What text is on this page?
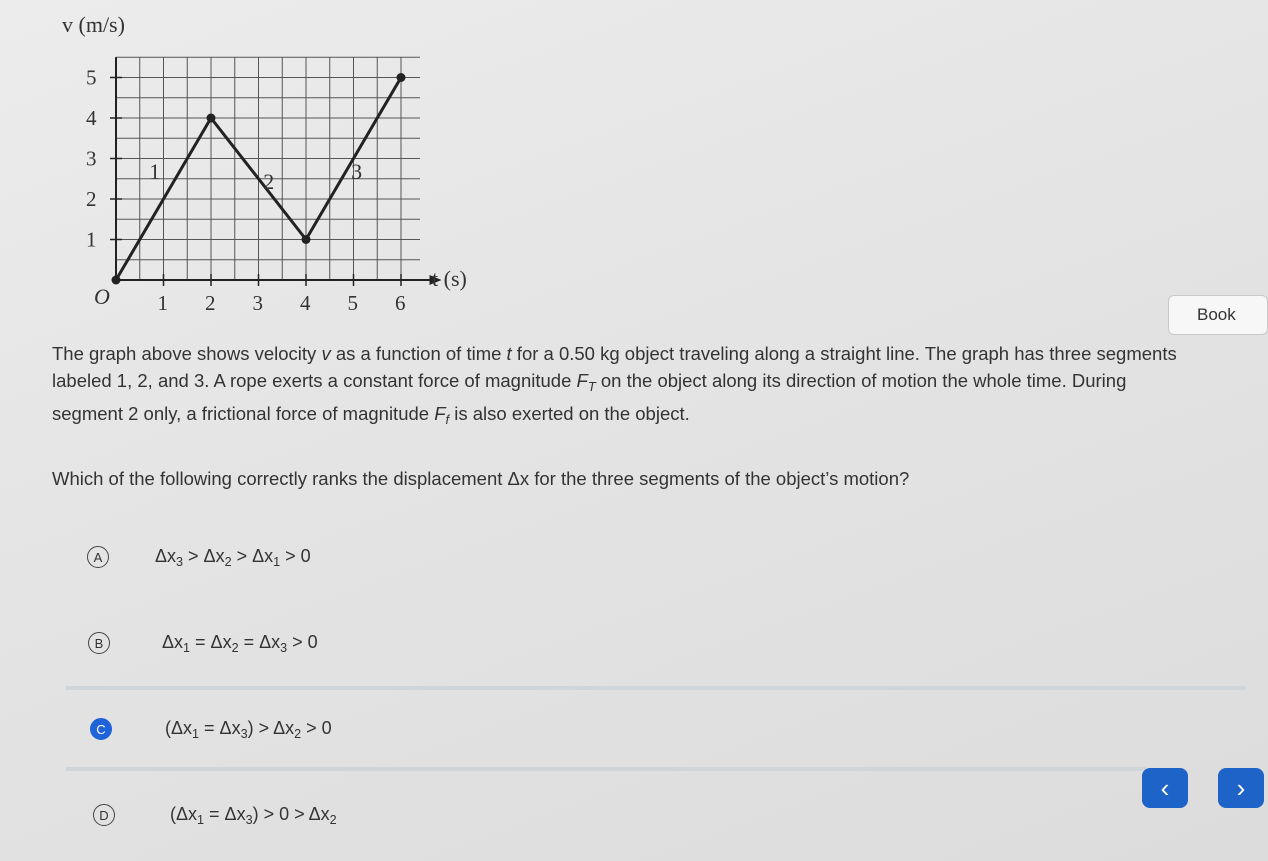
1 2 3 4 5 6
1
2
3
4
5
1	2	3
v (m/s)
t (s)
O
Book

The graph above shows velocity v as a function of time t for a 0.50 kg object traveling along a straight line. The graph has three segments

labeled 1, 2, and 3. A rope exerts a constant force of magnitude $F_T$ on the object along its direction of motion the whole time. During

segment 2 only, a frictional force of magnitude $F_f$ is also exerted on the object.

Which of the following correctly ranks the displacement Δx for the three segments of the object’s motion?
A	$\Delta x_3 > \Delta x_2 > \Delta x_1 > 0$
B	$\Delta x_1 = \Delta x_2 = \Delta x_3 > 0$
C	$(\Delta x_1 = \Delta x_3) > \Delta x_2 > 0$
D	$(\Delta x_1 = \Delta x_3) > 0 > \Delta x_2$
‹	›
